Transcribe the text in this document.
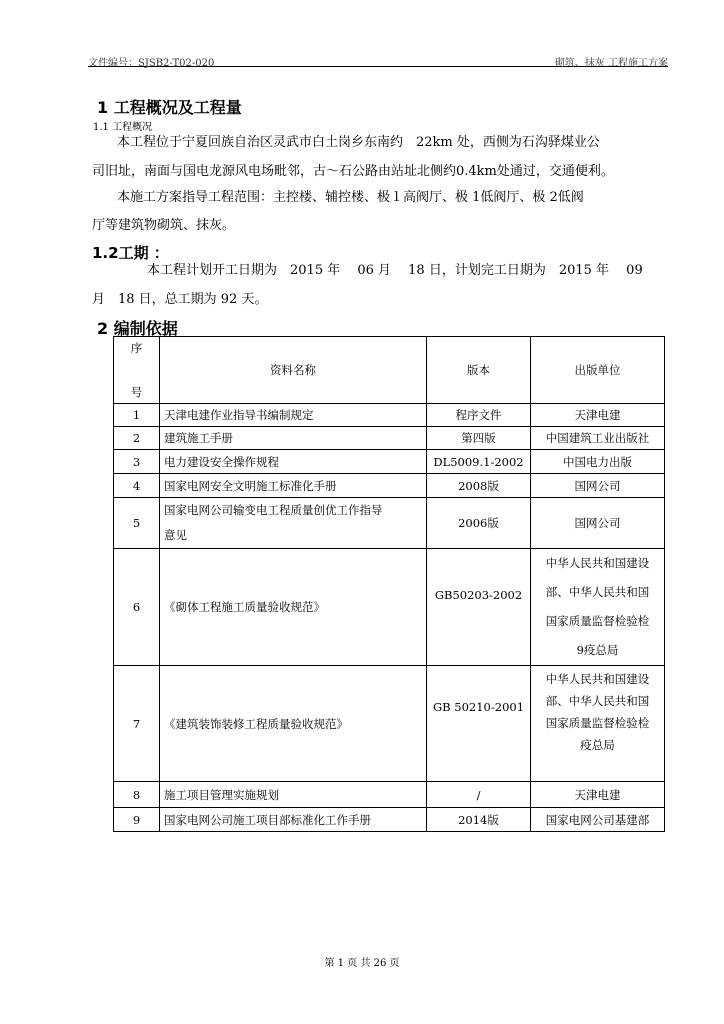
文件编号：SJSB2-T02-020	砌筑、抹灰 工程施工方案
1 工程概况及工程量
1.1 工程概况
本工程位于宁夏回族自治区灵武市白土岗乡东南约　22km 处，西侧为石沟驿煤业公
司旧址，南面与国电龙源风电场毗邻，古～石公路由站址北侧约0.4km处通过，交通便利。
本施工方案指导工程范围：主控楼、辅控楼、极１高阀厅、极 1低阀厅、极 2低阀
厅等建筑物砌筑、抹灰。
1.2工期 ：
本工程计划开工日期为　2015 年　 06 月　 18 日，计划完工日期为　2015 年　 09
月　18 日，总工期为 92 天。
2 编制依据
序

号	资料名称	版本	出版单位
1	天津电建作业指导书编制规定	程序文件	天津电建
2	建筑施工手册	第四版	中国建筑工业出版社
3	电力建设安全操作规程	DL5009.1-2002	中国电力出版
4	国家电网安全文明施工标准化手册	2008版	国网公司
5	国家电网公司输变电工程质量创优工作指导
意见	2006版	国网公司
6	《砌体工程施工质量验收规范》	GB50203-2002	中华人民共和国建设
部、中华人民共和国
国家质量监督检验检
9疫总局
7	《建筑装饰装修工程质量验收规范》	GB 50210-2001	中华人民共和国建设
部、中华人民共和国
国家质量监督检验检
疫总局
8	施工项目管理实施规划	/	天津电建
9	国家电网公司施工项目部标准化工作手册	2014版	国家电网公司基建部
第 1 页 共 26 页
